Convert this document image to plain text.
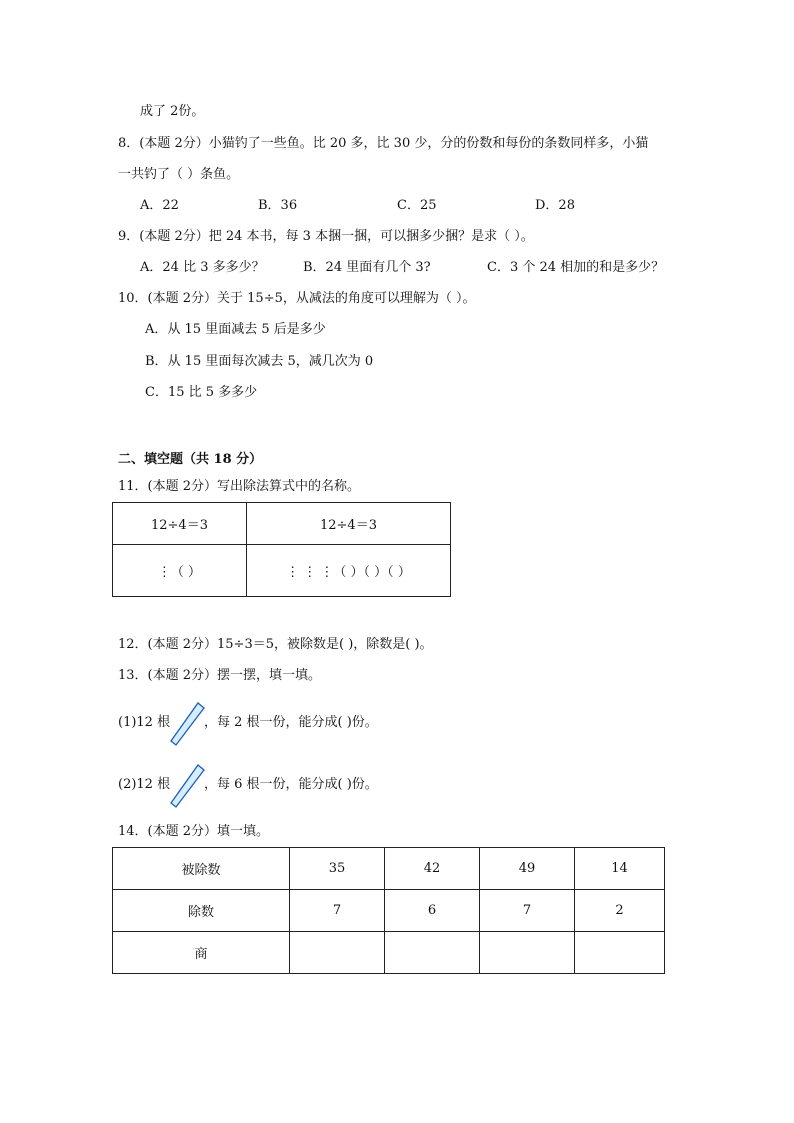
成了 2份。
8．(本题 2分）小猫钓了一些鱼。比 20 多，比 30 少，分的份数和每份的条数同样多，小猫
一共钓了（ ）条鱼。
A．22	B．36	C．25	D．28
9．(本题 2分）把 24 本书，每 3 本捆一捆，可以捆多少捆？是求（ ）。
A．24 比 3 多多少？	B．24 里面有几个 3?	C．3 个 24 相加的和是多少？
10．(本题 2分）关于 15÷5，从减法的角度可以理解为（ ）。
A．从 15 里面减去 5 后是多少
B．从 15 里面每次减去 5，减几次为 0
C．15 比 5 多多少
二、填空题（共 18 分）
11．(本题 2分）写出除法算式中的名称。
12÷4＝3	12÷4＝3
⋮（ ）	⋮ ⋮ ⋮（ ）（ ）（ ）
12．(本题 2分）15÷3＝5，被除数是( )，除数是( )。
13．(本题 2分）摆一摆，填一填。
(1)12 根	，每 2 根一份，能分成( )份。
(2)12 根	，每 6 根一份，能分成( )份。
14．(本题 2分）填一填。
被除数	35	42	49	14
除数	7	6	7	2
商				
